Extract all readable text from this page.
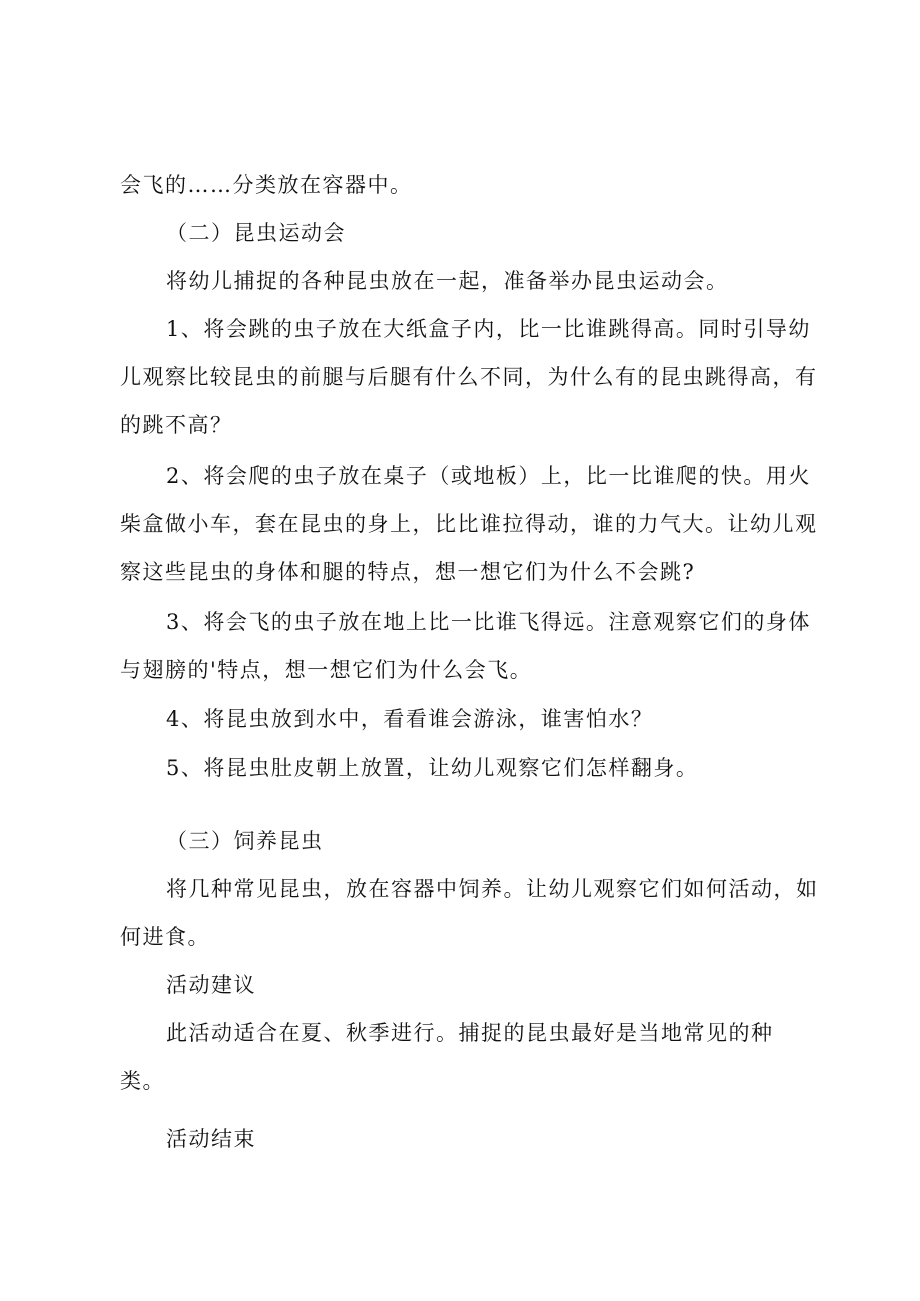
会飞的……分类放在容器中。
（二）昆虫运动会
将幼儿捕捉的各种昆虫放在一起，准备举办昆虫运动会。
1、将会跳的虫子放在大纸盒子内，比一比谁跳得高。同时引导幼
儿观察比较昆虫的前腿与后腿有什么不同，为什么有的昆虫跳得高，有
的跳不高？
2、将会爬的虫子放在桌子（或地板）上，比一比谁爬的快。用火
柴盒做小车，套在昆虫的身上，比比谁拉得动，谁的力气大。让幼儿观
察这些昆虫的身体和腿的特点，想一想它们为什么不会跳?
3、将会飞的虫子放在地上比一比谁飞得远。注意观察它们的身体
与翅膀的'特点，想一想它们为什么会飞。
4、将昆虫放到水中，看看谁会游泳，谁害怕水？
5、将昆虫肚皮朝上放置，让幼儿观察它们怎样翻身。
（三）饲养昆虫
将几种常见昆虫，放在容器中饲养。让幼儿观察它们如何活动，如
何进食。
活动建议
此活动适合在夏、秋季进行。捕捉的昆虫最好是当地常见的种
类。
活动结束
